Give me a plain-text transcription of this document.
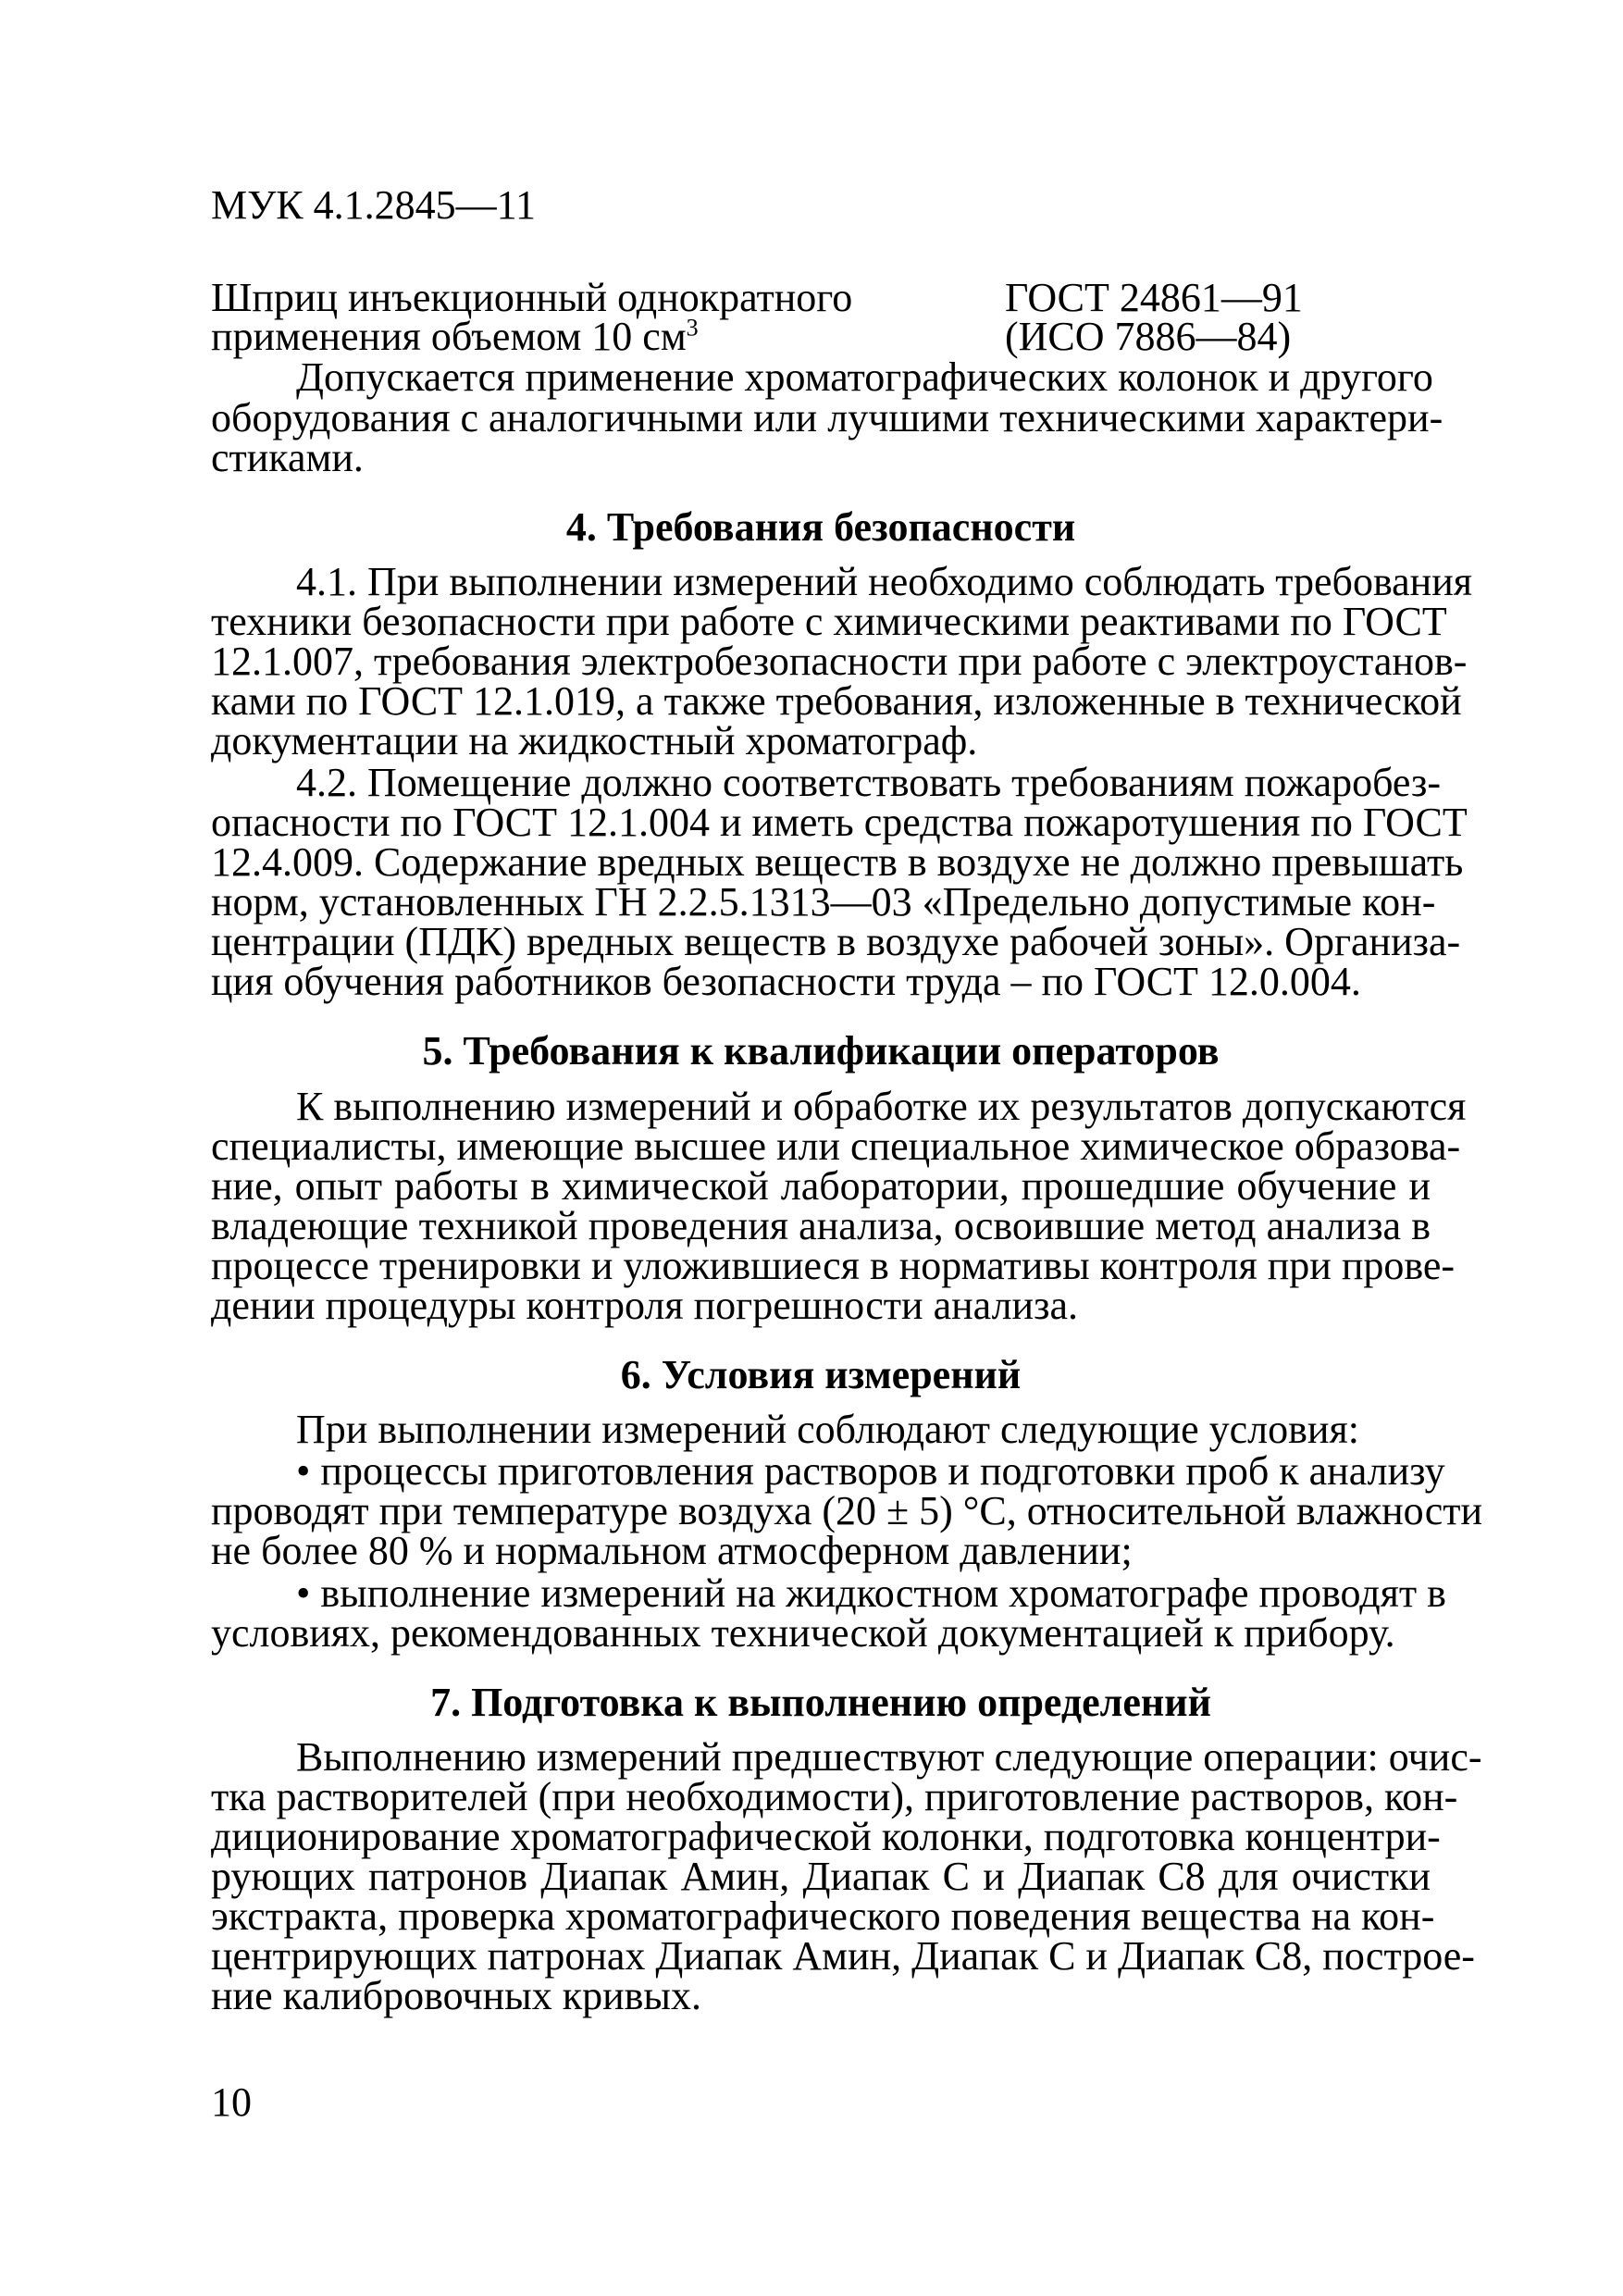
МУК 4.1.2845—11
Шприц инъекционный однократного
применения объемом 10 $см^3$
ГОСТ 24861—91
(ИСО 7886—84)
Допускается применение хроматографических колонок и другого
оборудования с аналогичными или лучшими техническими характери-
стиками.
4. Требования безопасности
4.1. При выполнении измерений необходимо соблюдать требования
техники безопасности при работе с химическими реактивами по ГОСТ
12.1.007, требования электробезопасности при работе с электроустанов-
ками по ГОСТ 12.1.019, а также требования, изложенные в технической
документации на жидкостный хроматограф.
4.2. Помещение должно соответствовать требованиям пожаробез-
опасности по ГОСТ 12.1.004 и иметь средства пожаротушения по ГОСТ
12.4.009. Содержание вредных веществ в воздухе не должно превышать
норм, установленных ГН 2.2.5.1313—03 «Предельно допустимые кон-
центрации (ПДК) вредных веществ в воздухе рабочей зоны». Организа-
ция обучения работников безопасности труда – по ГОСТ 12.0.004.
5. Требования к квалификации операторов
К выполнению измерений и обработке их результатов допускаются
специалисты, имеющие высшее или специальное химическое образова-
ние, опыт работы в химической лаборатории, прошедшие обучение и
владеющие техникой проведения анализа, освоившие метод анализа в
процессе тренировки и уложившиеся в нормативы контроля при прове-
дении процедуры контроля погрешности анализа.
6. Условия измерений
При выполнении измерений соблюдают следующие условия:
• процессы приготовления растворов и подготовки проб к анализу
проводят при температуре воздуха (20 ± 5) °С, относительной влажности
не более 80 % и нормальном атмосферном давлении;
• выполнение измерений на жидкостном хроматографе проводят в
условиях, рекомендованных технической документацией к прибору.
7. Подготовка к выполнению определений
Выполнению измерений предшествуют следующие операции: очис-
тка растворителей (при необходимости), приготовление растворов, кон-
диционирование хроматографической колонки, подготовка концентри-
рующих патронов Диапак Амин, Диапак С и Диапак С8 для очистки
экстракта, проверка хроматографического поведения вещества на кон-
центрирующих патронах Диапак Амин, Диапак С и Диапак С8, построе-
ние калибровочных кривых.
10
